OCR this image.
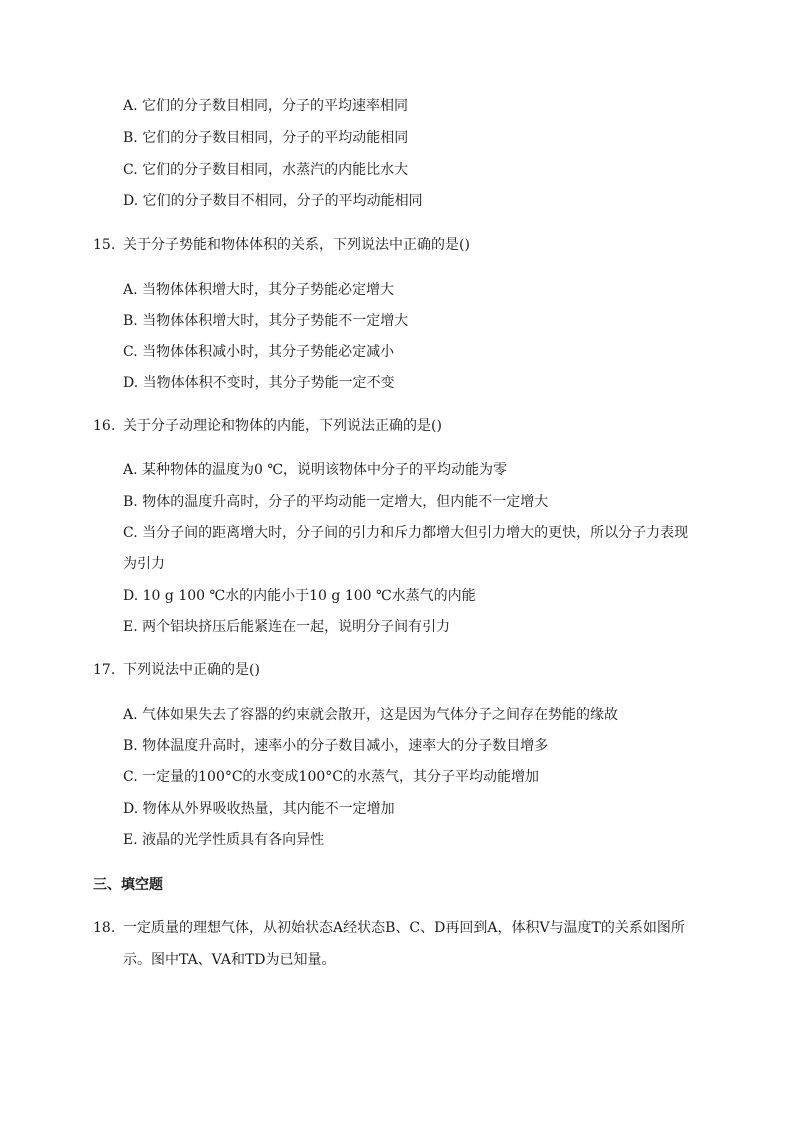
A. 它们的分子数目相同，分子的平均速率相同
B. 它们的分子数目相同，分子的平均动能相同
C. 它们的分子数目相同，水蒸汽的内能比水大
D. 它们的分子数目不相同，分子的平均动能相同
15. 关于分子势能和物体体积的关系，下列说法中正确的是()
A. 当物体体积增大时，其分子势能必定增大
B. 当物体体积增大时，其分子势能不一定增大
C. 当物体体积减小时，其分子势能必定减小
D. 当物体体积不变时，其分子势能一定不变
16. 关于分子动理论和物体的内能，下列说法正确的是()
A. 某种物体的温度为0 ℃，说明该物体中分子的平均动能为零
B. 物体的温度升高时，分子的平均动能一定增大，但内能不一定增大
C. 当分子间的距离增大时，分子间的引力和斥力都增大但引力增大的更快，所以分子力表现
为引力
D. 10 g 100 ℃水的内能小于10 g 100 ℃水蒸气的内能
E. 两个铝块挤压后能紧连在一起，说明分子间有引力
17. 下列说法中正确的是()
A. 气体如果失去了容器的约束就会散开，这是因为气体分子之间存在势能的缘故
B. 物体温度升高时，速率小的分子数目减小，速率大的分子数目增多
C. 一定量的100°C的水变成100°C的水蒸气，其分子平均动能增加
D. 物体从外界吸收热量，其内能不一定增加
E. 液晶的光学性质具有各向异性
三、填空题
18. 一定质量的理想气体，从初始状态A经状态B、C、D再回到A，体积V与温度T的关系如图所
示。图中TA、VA和TD为已知量。
